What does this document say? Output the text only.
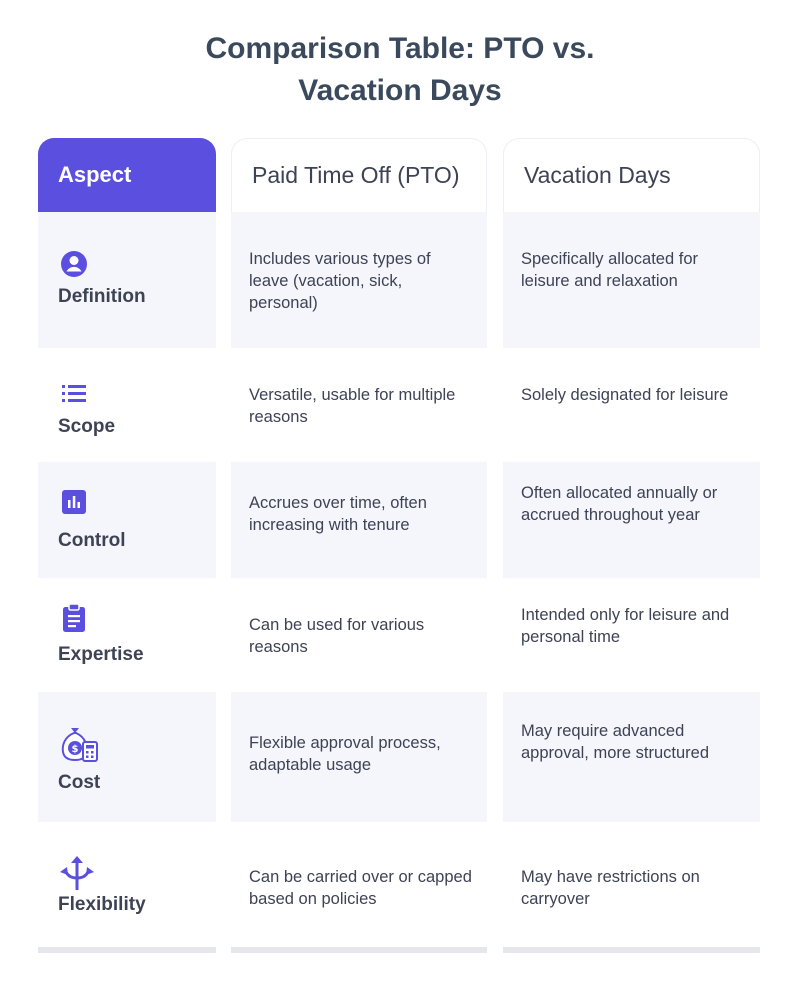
Comparison Table: PTO vs.
Vacation Days
Aspect
Definition
Scope
Control
Expertise
$
Cost
Flexibility
Paid Time Off (PTO)
Includes various types of leave (vacation, sick, personal)
Versatile, usable for multiple reasons
Accrues over time, often increasing with tenure
Can be used for various reasons
Flexible approval process, adaptable usage
Can be carried over or capped based on policies
Vacation Days
Specifically allocated for leisure and relaxation
Solely designated for leisure
Often allocated annually or accrued throughout year
Intended only for leisure and personal time
May require advanced approval, more structured
May have restrictions on carryover
